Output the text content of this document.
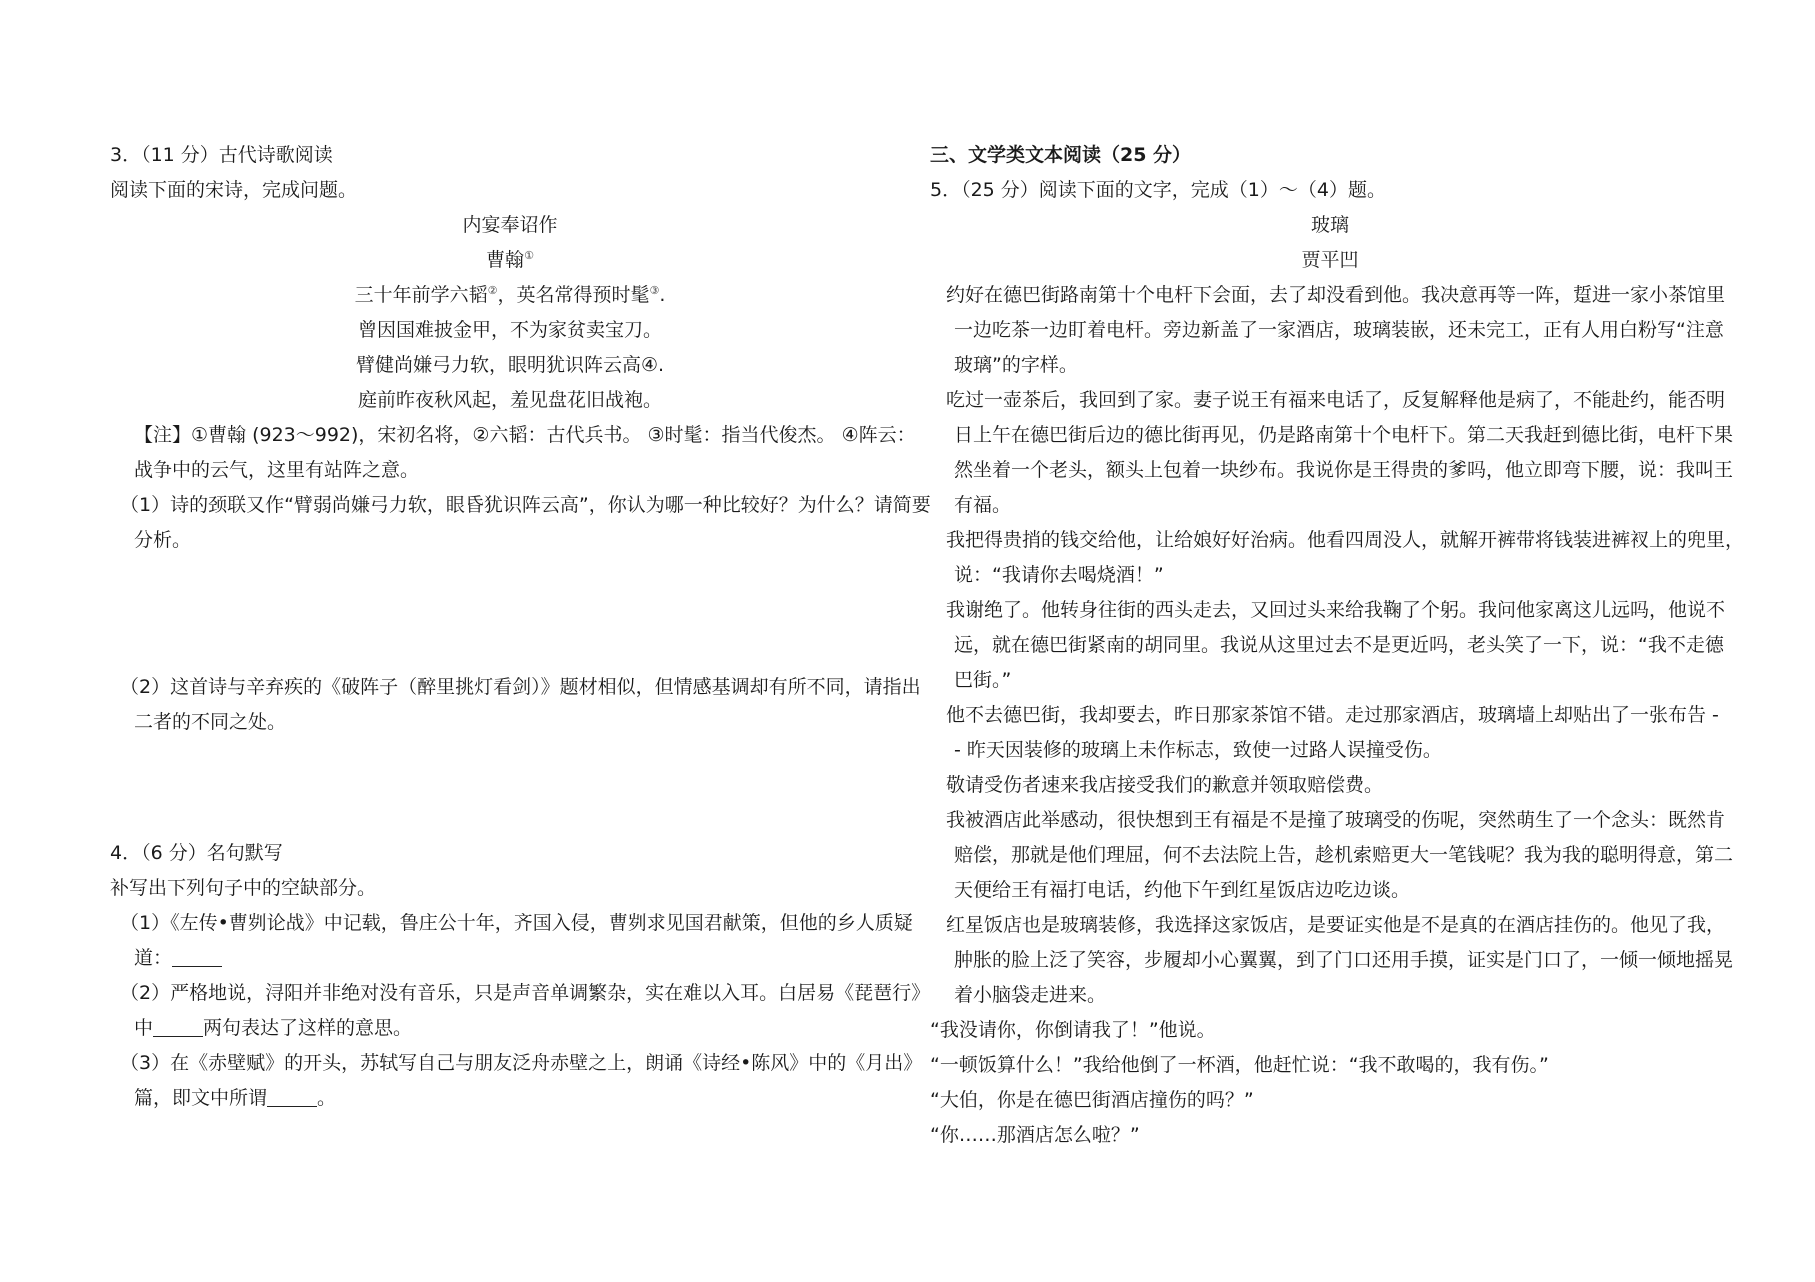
3．（11 分）古代诗歌阅读
阅读下面的宋诗，完成问题。
内宴奉诏作
曹翰①
三十年前学六韬②，英名常得预时髦③.
曾因国难披金甲，不为家贫卖宝刀。
臂健尚嫌弓力软，眼明犹识阵云高④.
庭前昨夜秋风起，羞见盘花旧战袍。
【注】①曹翰 (923～992)，宋初名将，②六韬：古代兵书。 ③时髦：指当代俊杰。 ④阵云：
战争中的云气，这里有站阵之意。
（1）诗的颈联又作“臂弱尚嫌弓力软，眼昏犹识阵云高”，你认为哪一种比较好？为什么？请简要
分析。
（2）这首诗与辛弃疾的《破阵子（醉里挑灯看剑）》题材相似，但情感基调却有所不同，请指出
二者的不同之处。
4．（6 分）名句默写
补写出下列句子中的空缺部分。
（1）《左传•曹刿论战》中记载，鲁庄公十年，齐国入侵，曹刿求见国君献策，但他的乡人质疑
道：
（2）严格地说，浔阳并非绝对没有音乐，只是声音单调繁杂，实在难以入耳。白居易《琵琶行》
中	两句表达了这样的意思。
（3）在《赤壁赋》的开头，苏轼写自己与朋友泛舟赤壁之上，朗诵《诗经•陈风》中的《月出》
篇，即文中所谓	。
三、文学类文本阅读（25 分）
5．（25 分）阅读下面的文字，完成（1）～（4）题。
玻璃
贾平凹
约好在德巴街路南第十个电杆下会面，去了却没看到他。我决意再等一阵，踅进一家小茶馆里
一边吃茶一边盯着电杆。旁边新盖了一家酒店，玻璃装嵌，还未完工，正有人用白粉写“注意
玻璃”的字样。
吃过一壶茶后，我回到了家。妻子说王有福来电话了，反复解释他是病了，不能赴约，能否明
日上午在德巴街后边的德比街再见，仍是路南第十个电杆下。第二天我赶到德比街，电杆下果
然坐着一个老头，额头上包着一块纱布。我说你是王得贵的爹吗，他立即弯下腰，说：我叫王
有福。
我把得贵捎的钱交给他，让给娘好好治病。他看四周没人，就解开裤带将钱装进裤衩上的兜里，
说：“我请你去喝烧酒！”
我谢绝了。他转身往街的西头走去，又回过头来给我鞠了个躬。我问他家离这儿远吗，他说不
远，就在德巴街紧南的胡同里。我说从这里过去不是更近吗，老头笑了一下，说：“我不走德
巴街。”
他不去德巴街，我却要去，昨日那家茶馆不错。走过那家酒店，玻璃墙上却贴出了一张布告 -
- 昨天因装修的玻璃上未作标志，致使一过路人误撞受伤。
敬请受伤者速来我店接受我们的歉意并领取赔偿费。
我被酒店此举感动，很快想到王有福是不是撞了玻璃受的伤呢，突然萌生了一个念头：既然肯
赔偿，那就是他们理屈，何不去法院上告，趁机索赔更大一笔钱呢？我为我的聪明得意，第二
天便给王有福打电话，约他下午到红星饭店边吃边谈。
红星饭店也是玻璃装修，我选择这家饭店，是要证实他是不是真的在酒店挂伤的。他见了我，
肿胀的脸上泛了笑容，步履却小心翼翼，到了门口还用手摸，证实是门口了，一倾一倾地摇晃
着小脑袋走进来。
“我没请你，你倒请我了！”他说。
“一顿饭算什么！”我给他倒了一杯酒，他赶忙说：“我不敢喝的，我有伤。”
“大伯，你是在德巴街酒店撞伤的吗？”
“你……那酒店怎么啦？”
